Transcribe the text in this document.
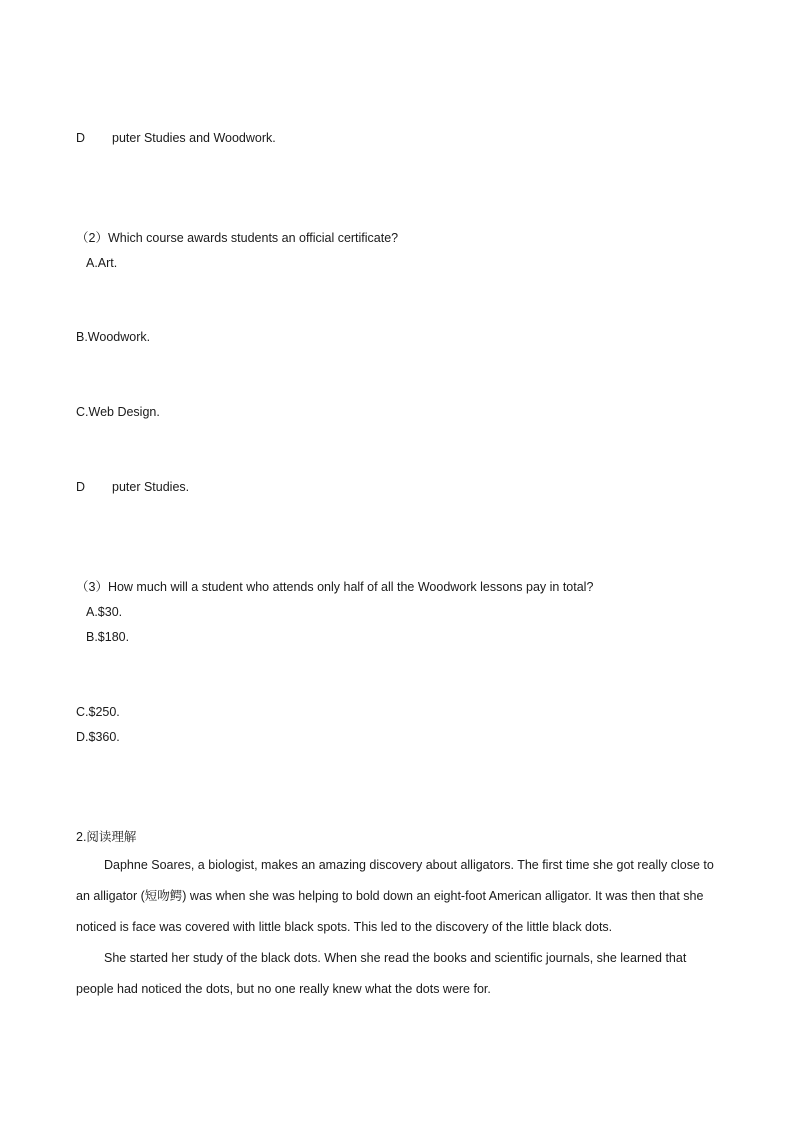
D puter Studies and Woodwork.
（2）Which course awards students an official certificate?
A.Art.
B.Woodwork.
C.Web Design.
D puter Studies.
（3）How much will a student who attends only half of all the Woodwork lessons pay in total?
A.$30.
B.$180.
C.$250.
D.$360.
2.阅读理解
Daphne Soares, a biologist, makes an amazing discovery about alligators. The first time she got really close to an alligator (短吻鳄) was when she was helping to bold down an eight-foot American alligator. It was then that she noticed is face was covered with little black spots. This led to the discovery of the little black dots.
She started her study of the black dots. When she read the books and scientific journals, she learned that people had noticed the dots, but no one really knew what the dots were for.
